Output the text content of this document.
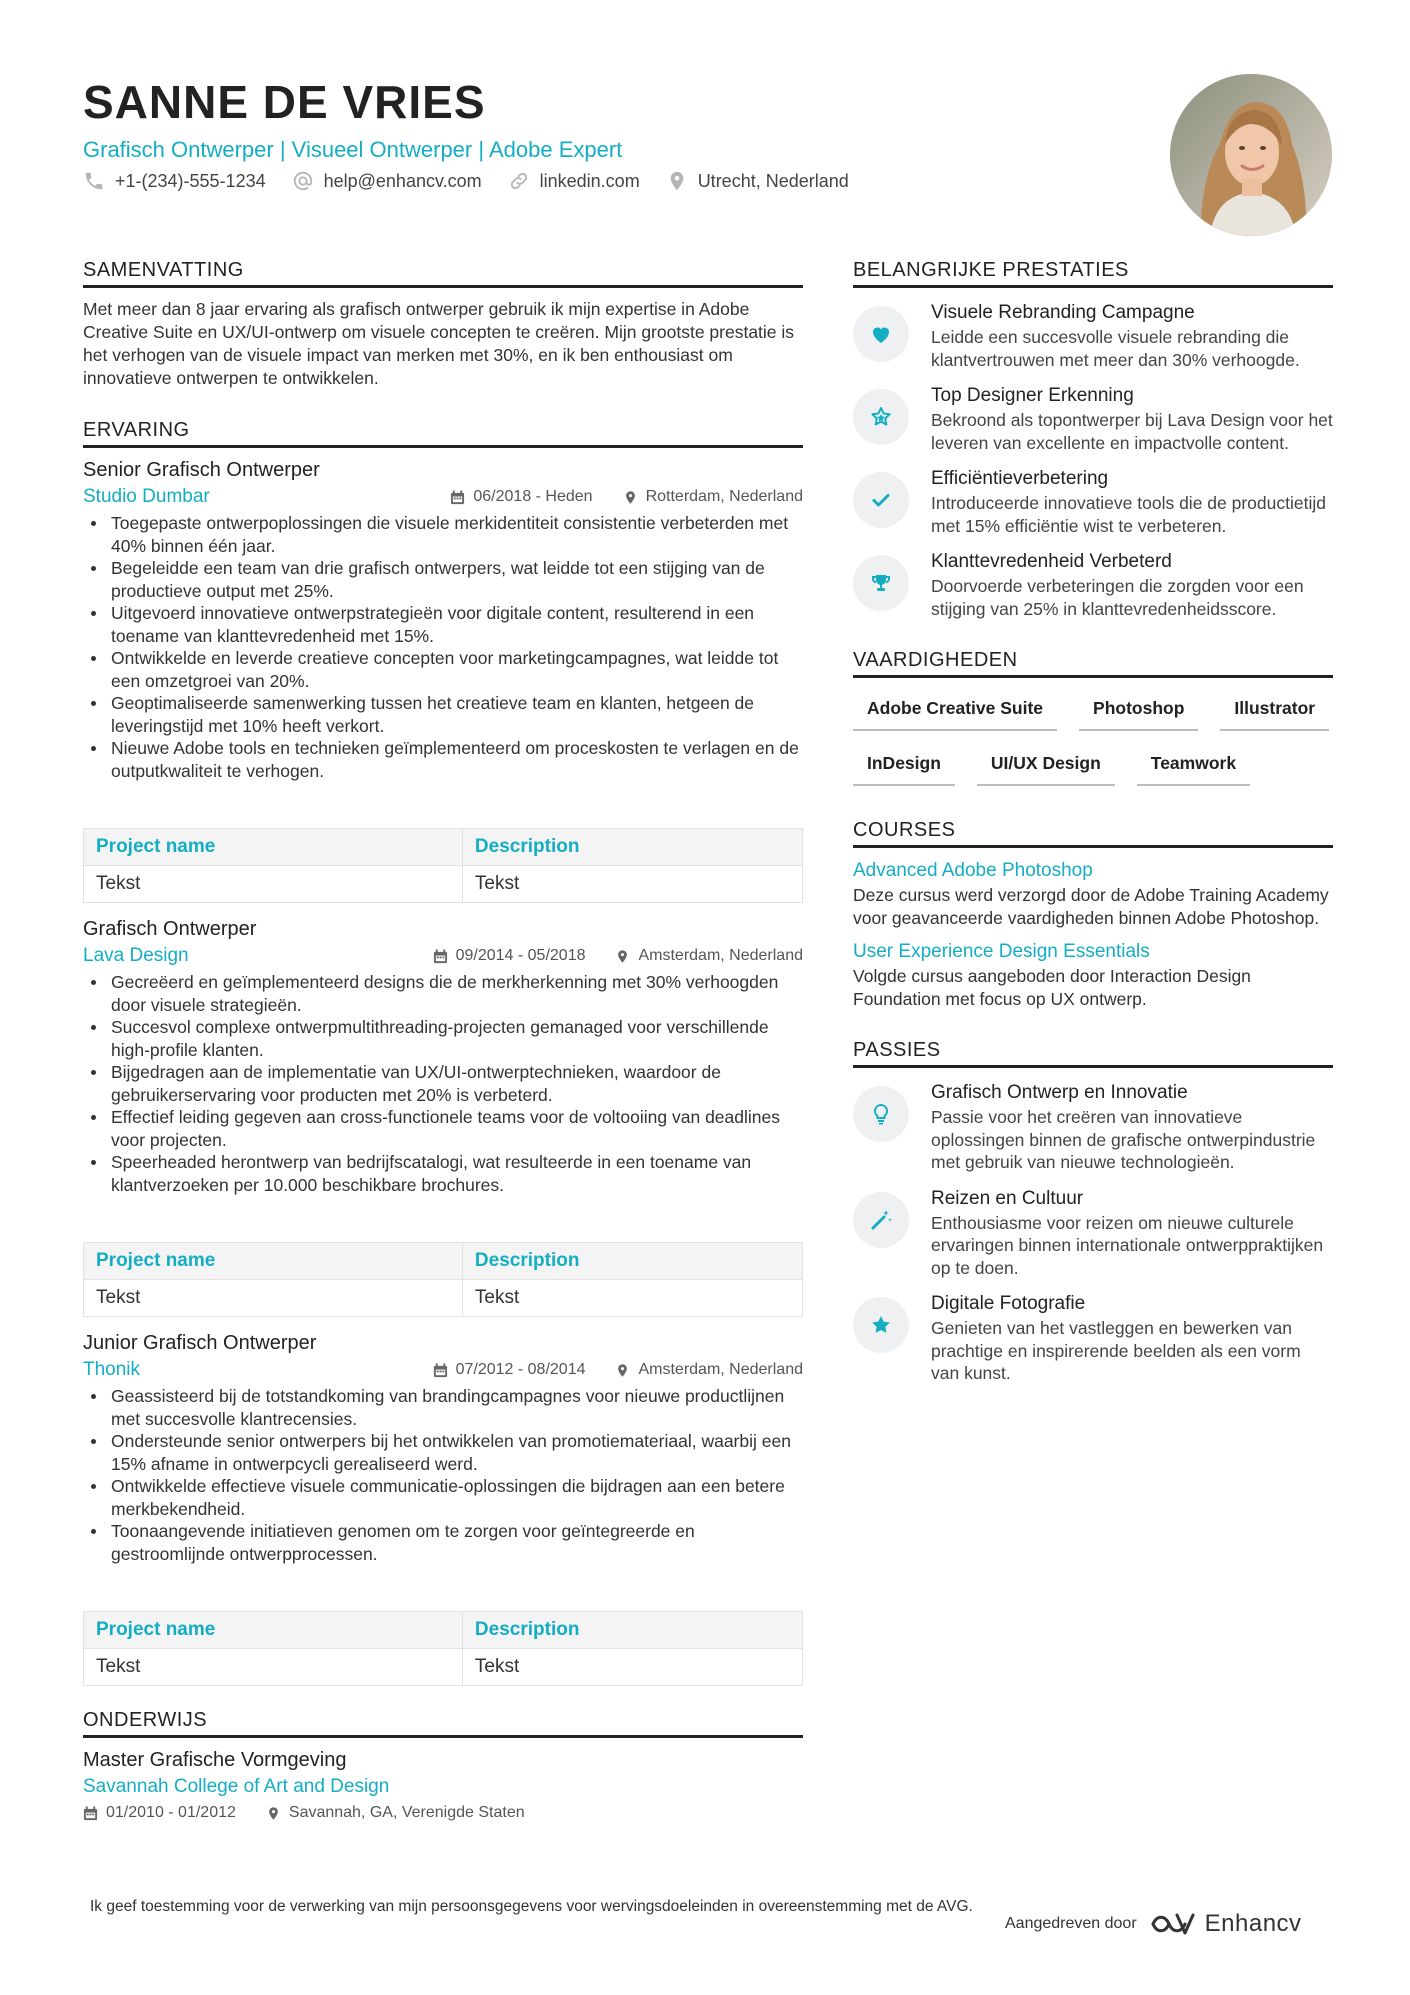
SANNE DE VRIES
Grafisch Ontwerper | Visueel Ontwerper | Adobe Expert
+1-(234)-555-1234	help@enhancv.com	linkedin.com	Utrecht, Nederland
SAMENVATTING
Met meer dan 8 jaar ervaring als grafisch ontwerper gebruik ik mijn expertise in Adobe Creative Suite en UX/UI-ontwerp om visuele concepten te creëren. Mijn grootste prestatie is het verhogen van de visuele impact van merken met 30%, en ik ben enthousiast om innovatieve ontwerpen te ontwikkelen.
ERVARING
Senior Grafisch Ontwerper
Studio Dumbar	06/2018 - Heden	Rotterdam, Nederland
Toegepaste ontwerpoplossingen die visuele merkidentiteit consistentie verbeterden met 40% binnen één jaar.
Begeleidde een team van drie grafisch ontwerpers, wat leidde tot een stijging van de productieve output met 25%.
Uitgevoerd innovatieve ontwerpstrategieën voor digitale content, resulterend in een toename van klanttevredenheid met 15%.
Ontwikkelde en leverde creatieve concepten voor marketingcampagnes, wat leidde tot een omzetgroei van 20%.
Geoptimaliseerde samenwerking tussen het creatieve team en klanten, hetgeen de leveringstijd met 10% heeft verkort.
Nieuwe Adobe tools en technieken geïmplementeerd om proceskosten te verlagen en de outputkwaliteit te verhogen.
Project name	Description
Tekst	Tekst
Grafisch Ontwerper
Lava Design	09/2014 - 05/2018	Amsterdam, Nederland
Gecreëerd en geïmplementeerd designs die de merkherkenning met 30% verhoogden door visuele strategieën.
Succesvol complexe ontwerpmultithreading-projecten gemanaged voor verschillende high-profile klanten.
Bijgedragen aan de implementatie van UX/UI-ontwerptechnieken, waardoor de gebruikerservaring voor producten met 20% is verbeterd.
Effectief leiding gegeven aan cross-functionele teams voor de voltooiing van deadlines voor projecten.
Speerheaded herontwerp van bedrijfscatalogi, wat resulteerde in een toename van klantverzoeken per 10.000 beschikbare brochures.
Project name	Description
Tekst	Tekst
Junior Grafisch Ontwerper
Thonik	07/2012 - 08/2014	Amsterdam, Nederland
Geassisteerd bij de totstandkoming van brandingcampagnes voor nieuwe productlijnen met succesvolle klantrecensies.
Ondersteunde senior ontwerpers bij het ontwikkelen van promotiemateriaal, waarbij een 15% afname in ontwerpcycli gerealiseerd werd.
Ontwikkelde effectieve visuele communicatie-oplossingen die bijdragen aan een betere merkbekendheid.
Toonaangevende initiatieven genomen om te zorgen voor geïntegreerde en gestroomlijnde ontwerpprocessen.
Project name	Description
Tekst	Tekst
ONDERWIJS
Master Grafische Vormgeving
Savannah College of Art and Design
01/2010 - 01/2012	Savannah, GA, Verenigde Staten
BELANGRIJKE PRESTATIES
Visuele Rebranding Campagne
Leidde een succesvolle visuele rebranding die klantvertrouwen met meer dan 30% verhoogde.
Top Designer Erkenning
Bekroond als topontwerper bij Lava Design voor het leveren van excellente en impactvolle content.
Efficiëntieverbetering
Introduceerde innovatieve tools die de productietijd met 15% efficiëntie wist te verbeteren.
Klanttevredenheid Verbeterd
Doorvoerde verbeteringen die zorgden voor een stijging van 25% in klanttevredenheidsscore.
VAARDIGHEDEN
Adobe Creative Suite	Photoshop	Illustrator
InDesign	UI/UX Design	Teamwork
COURSES
Advanced Adobe Photoshop
Deze cursus werd verzorgd door de Adobe Training Academy voor geavanceerde vaardigheden binnen Adobe Photoshop.
User Experience Design Essentials
Volgde cursus aangeboden door Interaction Design Foundation met focus op UX ontwerp.
PASSIES
Grafisch Ontwerp en Innovatie
Passie voor het creëren van innovatieve oplossingen binnen de grafische ontwerpindustrie met gebruik van nieuwe technologieën.
Reizen en Cultuur
Enthousiasme voor reizen om nieuwe culturele ervaringen binnen internationale ontwerppraktijken op te doen.
Digitale Fotografie
Genieten van het vastleggen en bewerken van prachtige en inspirerende beelden als een vorm van kunst.
Ik geef toestemming voor de verwerking van mijn persoonsgegevens voor wervingsdoeleinden in overeenstemming met de AVG.
Aangedreven door	Enhancv
